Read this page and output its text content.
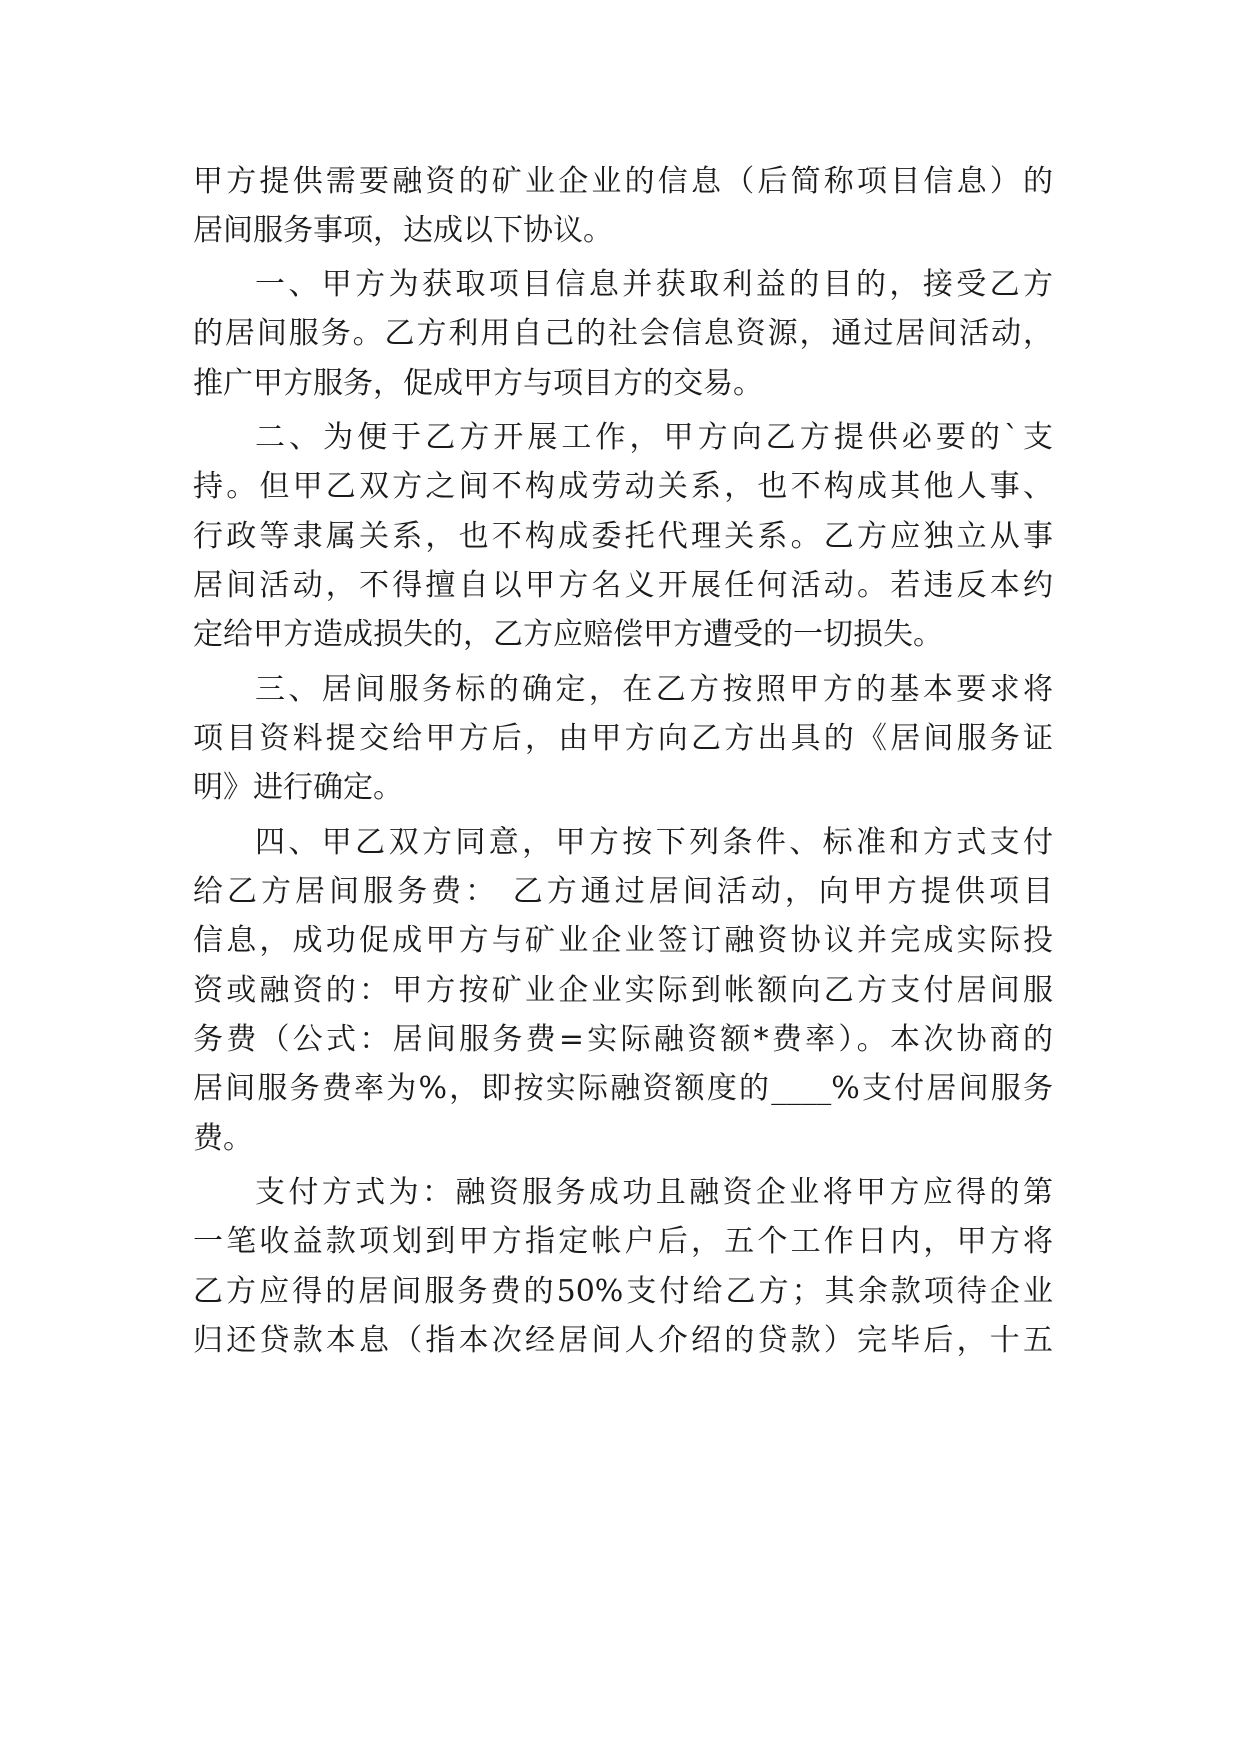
甲方提供需要融资的矿业企业的信息（后简称项目信息）的
居间服务事项，达成以下协议。
一、甲方为获取项目信息并获取利益的目的，接受乙方
的居间服务。乙方利用自己的社会信息资源，通过居间活动，
推广甲方服务，促成甲方与项目方的交易。
二、为便于乙方开展工作，甲方向乙方提供必要的`支
持。但甲乙双方之间不构成劳动关系，也不构成其他人事、
行政等隶属关系，也不构成委托代理关系。乙方应独立从事
居间活动，不得擅自以甲方名义开展任何活动。若违反本约
定给甲方造成损失的，乙方应赔偿甲方遭受的一切损失。
三、居间服务标的确定，在乙方按照甲方的基本要求将
项目资料提交给甲方后，由甲方向乙方出具的《居间服务证
明》进行确定。
四、甲乙双方同意，甲方按下列条件、标准和方式支付
给乙方居间服务费： 乙方通过居间活动，向甲方提供项目
信息，成功促成甲方与矿业企业签订融资协议并完成实际投
资或融资的：甲方按矿业企业实际到帐额向乙方支付居间服
务费（公式：居间服务费=实际融资额*费率）。本次协商的
居间服务费率为%，即按实际融资额度的____%支付居间服务
费。
支付方式为：融资服务成功且融资企业将甲方应得的第
一笔收益款项划到甲方指定帐户后，五个工作日内，甲方将
乙方应得的居间服务费的50%支付给乙方；其余款项待企业
归还贷款本息（指本次经居间人介绍的贷款）完毕后，十五
